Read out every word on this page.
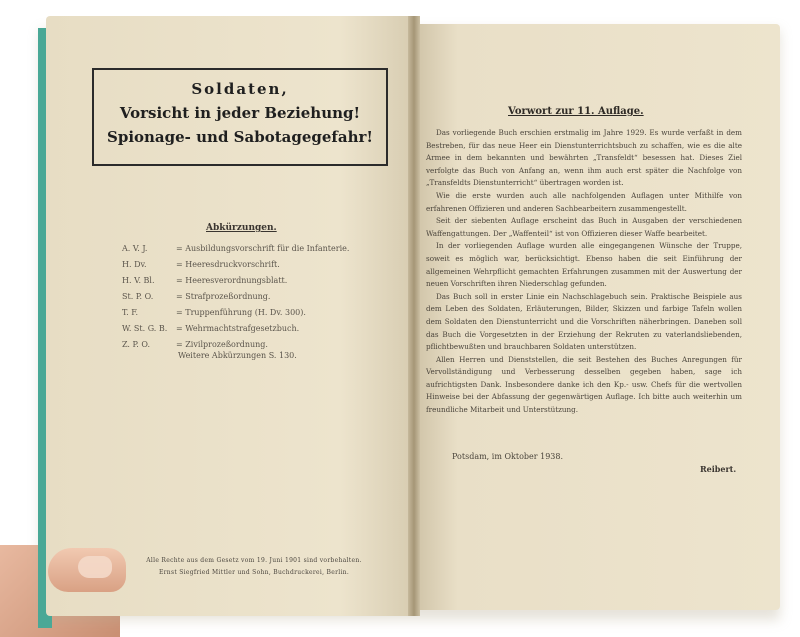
Soldaten,
Vorsicht in jeder Beziehung!
Spionage- und Sabotagegefahr!
Abkürzungen.
A. V. J.	= Ausbildungsvorschrift für die Infanterie.
H. Dv.	= Heeresdruckvorschrift.
H. V. Bl.	= Heeresverordnungsblatt.
St. P. O.	= Strafprozeßordnung.
T. F.	= Truppenführung (H. Dv. 300).
W. St. G. B.	= Wehrmachtstrafgesetzbuch.
Z. P. O.	= Zivilprozeßordnung.
Weitere Abkürzungen S. 130.
Alle Rechte aus dem Gesetz vom 19. Juni 1901 sind vorbehalten.
Ernst Siegfried Mittler und Sohn, Buchdruckerei, Berlin.
Vorwort zur 11. Auflage.

Das vorliegende Buch erschien erstmalig im Jahre 1929. Es wurde verfaßt in dem Bestreben, für das neue Heer ein Dienstunterrichtsbuch zu schaffen, wie es die alte Armee in dem bekannten und bewährten „Transfeldt“ besessen hat. Dieses Ziel verfolgte das Buch von Anfang an, wenn ihm auch erst später die Nachfolge von „Transfeldts Dienstunterricht“ übertragen worden ist.

Wie die erste wurden auch alle nachfolgenden Auflagen unter Mithilfe von erfahrenen Offizieren und anderen Sachbearbeitern zusammengestellt.

Seit der siebenten Auflage erscheint das Buch in Ausgaben der verschiedenen Waffengattungen. Der „Waffenteil“ ist von Offizieren dieser Waffe bearbeitet.

In der vorliegenden Auflage wurden alle eingegangenen Wünsche der Truppe, soweit es möglich war, berücksichtigt. Ebenso haben die seit Einführung der allgemeinen Wehrpflicht gemachten Erfahrungen zusammen mit der Auswertung der neuen Vorschriften ihren Niederschlag gefunden.

Das Buch soll in erster Linie ein Nachschlagebuch sein. Praktische Beispiele aus dem Leben des Soldaten, Erläuterungen, Bilder, Skizzen und farbige Tafeln wollen dem Soldaten den Dienstunterricht und die Vorschriften näherbringen. Daneben soll das Buch die Vorgesetzten in der Erziehung der Rekruten zu vaterlandsliebenden, pflichtbewußten und brauchbaren Soldaten unterstützen.

Allen Herren und Dienststellen, die seit Bestehen des Buches Anregungen für Vervollständigung und Verbesserung desselben gegeben haben, sage ich aufrichtigsten Dank. Insbesondere danke ich den Kp.- usw. Chefs für die wertvollen Hinweise bei der Abfassung der gegenwärtigen Auflage. Ich bitte auch weiterhin um freundliche Mitarbeit und Unterstützung.

Potsdam, im Oktober 1938.
Reibert.
